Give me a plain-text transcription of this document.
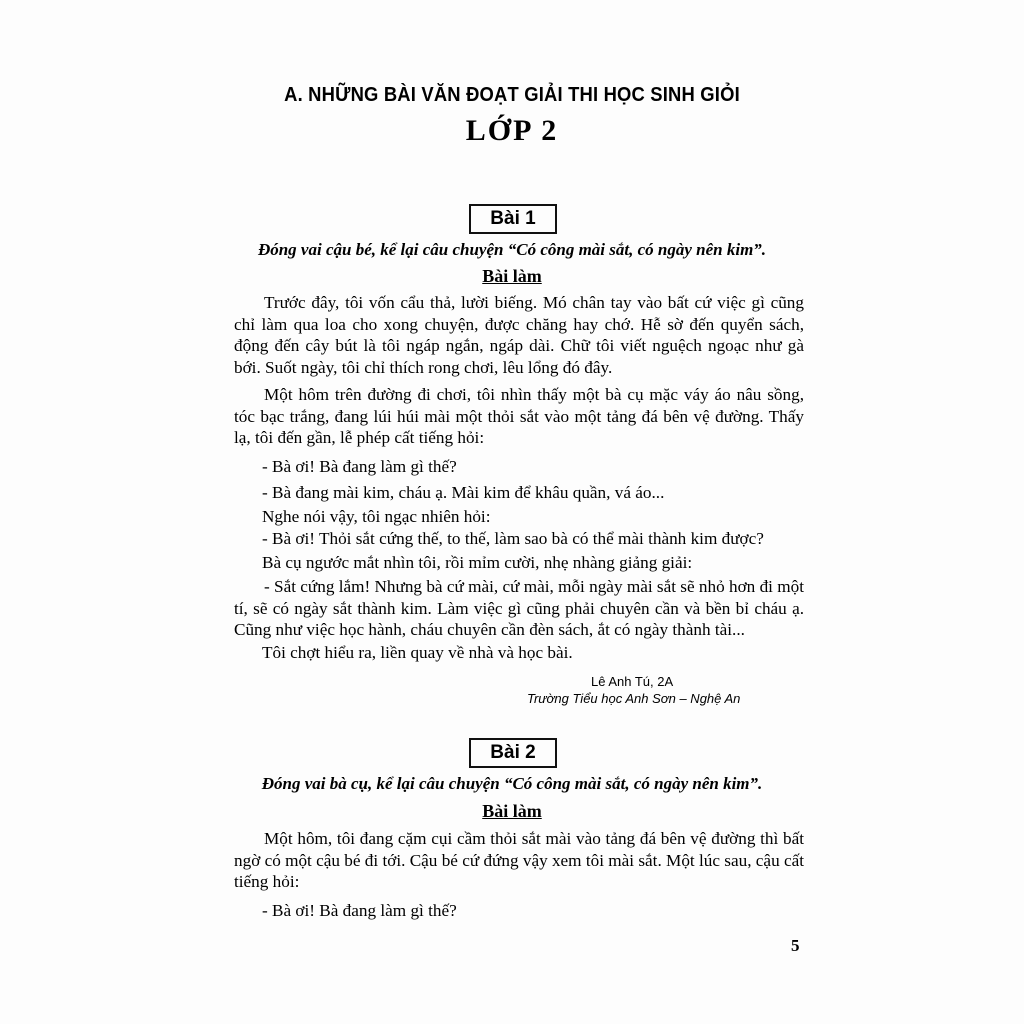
A. NHỮNG BÀI VĂN ĐOẠT GIẢI THI HỌC SINH GIỎI
LỚP 2
Bài 1
Đóng vai cậu bé, kể lại câu chuyện “Có công mài sắt, có ngày nên kim”.
Bài làm

Trước đây, tôi vốn cẩu thả, lười biếng. Mó chân tay vào bất cứ việc gì cũng chỉ làm qua loa cho xong chuyện, được chăng hay chớ. Hễ sờ đến quyển sách, động đến cây bút là tôi ngáp ngắn, ngáp dài. Chữ tôi viết nguệch ngoạc như gà bới. Suốt ngày, tôi chỉ thích rong chơi, lêu lổng đó đây.

Một hôm trên đường đi chơi, tôi nhìn thấy một bà cụ mặc váy áo nâu sồng, tóc bạc trắng, đang lúi húi mài một thỏi sắt vào một tảng đá bên vệ đường. Thấy lạ, tôi đến gần, lễ phép cất tiếng hỏi:

- Bà ơi! Bà đang làm gì thế?
- Bà đang mài kim, cháu ạ. Mài kim để khâu quần, vá áo...
Nghe nói vậy, tôi ngạc nhiên hỏi:
- Bà ơi! Thỏi sắt cứng thế, to thế, làm sao bà có thể mài thành kim được?
Bà cụ ngước mắt nhìn tôi, rồi mỉm cười, nhẹ nhàng giảng giải:

- Sắt cứng lắm! Nhưng bà cứ mài, cứ mài, mỗi ngày mài sắt sẽ nhỏ hơn đi một tí, sẽ có ngày sắt thành kim. Làm việc gì cũng phải chuyên cần và bền bỉ cháu ạ. Cũng như việc học hành, cháu chuyên cần đèn sách, ắt có ngày thành tài...

Tôi chợt hiểu ra, liền quay về nhà và học bài.
Lê Anh Tú, 2A
Trường Tiểu học Anh Sơn – Nghệ An
Bài 2
Đóng vai bà cụ, kể lại câu chuyện “Có công mài sắt, có ngày nên kim”.
Bài làm

Một hôm, tôi đang cặm cụi cầm thỏi sắt mài vào tảng đá bên vệ đường thì bất ngờ có một cậu bé đi tới. Cậu bé cứ đứng vậy xem tôi mài sắt. Một lúc sau, cậu cất tiếng hỏi:

- Bà ơi! Bà đang làm gì thế?
5
